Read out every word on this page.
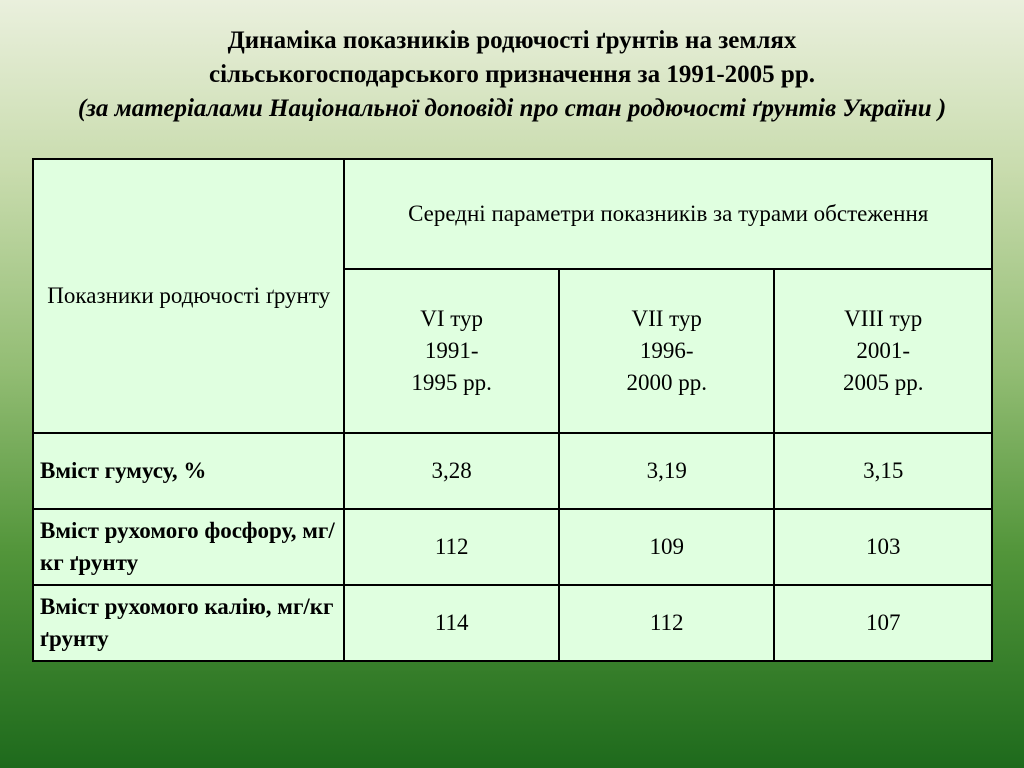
Динаміка показників родючості ґрунтів на землях
сільськогосподарського призначення за 1991-2005 рр.
(за матеріалами Національної доповіді про стан родючості ґрунтів України )
Показники родючості ґрунту	Середні параметри показників за турами обстеження		
	VI тур
1991-
1995 рр.	VII тур
1996-
2000 рр.	VIII тур
2001-
2005 рр.
Вміст гумусу, %	3,28	3,19	3,15
Вміст рухомого фосфору, мг/кг ґрунту	112	109	103
Вміст рухомого калію, мг/кг ґрунту	114	112	107
